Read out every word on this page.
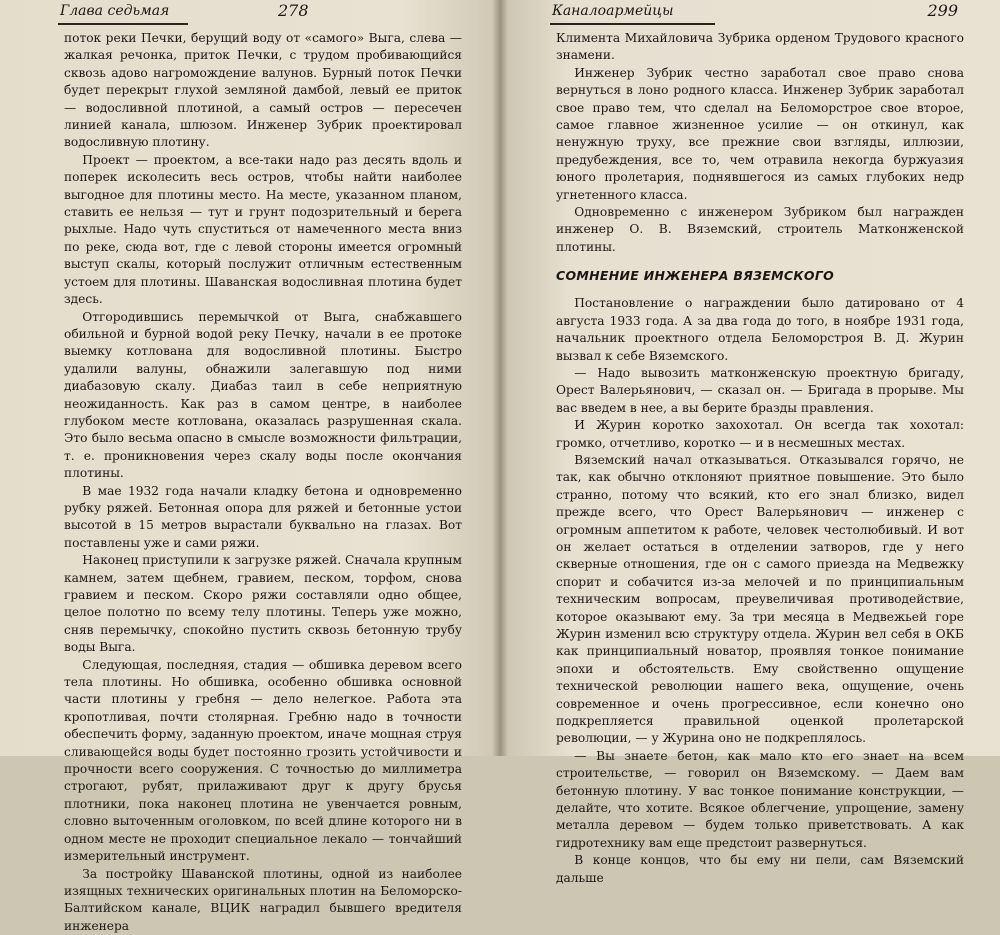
Глава седьмая	278

поток реки Печки, берущий воду от «самого» Выга, слева — жалкая речонка, приток Печки, с трудом пробивающийся сквозь адово нагромождение валунов. Бурный поток Печки будет перекрыт глухой земляной дамбой, левый ее приток — водосливной плотиной, а самый остров — пересечен линией канала, шлюзом. Инженер Зубрик проектировал водосливную плотину.

Проект — проектом, а все-таки надо раз десять вдоль и поперек исколесить весь остров, чтобы найти наиболее выгодное для плотины место. На месте, указанном планом, ставить ее нельзя — тут и грунт подозрительный и берега рыхлые. Надо чуть спуститься от намеченного места вниз по реке, сюда вот, где с левой стороны имеется огромный выступ скалы, который послужит отличным естественным устоем для плотины. Шаванская водосливная плотина будет здесь.

Отгородившись перемычкой от Выга, снабжавшего обильной и бурной водой реку Печку, начали в ее протоке выемку котлована для водосливной плотины. Быстро удалили валуны, обнажили залегавшую под ними диабазовую скалу. Диабаз таил в себе неприятную неожиданность. Как раз в самом центре, в наиболее глубоком месте котлована, оказалась разрушенная скала. Это было весьма опасно в смысле возможности фильтрации, т. е. проникновения через скалу воды после окончания плотины.

В мае 1932 года начали кладку бетона и одновременно рубку ряжей. Бетонная опора для ряжей и бетонные устои высотой в 15 метров вырастали буквально на глазах. Вот поставлены уже и сами ряжи.

Наконец приступили к загрузке ряжей. Сначала крупным камнем, затем щебнем, гравием, песком, торфом, снова гравием и песком. Скоро ряжи составляли одно общее, целое полотно по всему телу плотины. Теперь уже можно, сняв перемычку, спокойно пустить сквозь бетонную трубу воды Выга.

Следующая, последняя, стадия — обшивка деревом всего тела плотины. Но обшивка, особенно обшивка основной части плотины у гребня — дело нелегкое. Работа эта кропотливая, почти столярная. Гребню надо в точности обеспечить форму, заданную проектом, иначе мощная струя сливающейся воды будет постоянно грозить устойчивости и прочности всего сооружения. С точностью до миллиметра строгают, рубят, прилаживают друг к другу брусья плотники, пока наконец плотина не увенчается ровным, словно выточенным оголовком, по всей длине которого ни в одном месте не проходит специальное лекало — тончайший измерительный инструмент.

За постройку Шаванской плотины, одной из наиболее изящных технических оригинальных плотин на Беломорско-Балтийском канале, ВЦИК наградил бывшего вредителя инженера

Каналоармейцы	299

Климента Михайловича Зубрика орденом Трудового красного знамени.

Инженер Зубрик честно заработал свое право снова вернуться в лоно родного класса. Инженер Зубрик заработал свое право тем, что сделал на Беломорстрое свое второе, самое главное жизненное усилие — он откинул, как ненужную труху, все прежние свои взгляды, иллюзии, предубеждения, все то, чем отравила некогда буржуазия юного пролетария, поднявшегося из самых глубоких недр угнетенного класса.

Одновременно с инженером Зубриком был награжден инженер О. В. Вяземский, строитель Матконженской плотины.

СОМНЕНИЕ ИНЖЕНЕРА ВЯЗЕМСКОГО

Постановление о награждении было датировано от 4 августа 1933 года. А за два года до того, в ноябре 1931 года, начальник проектного отдела Беломорстроя В. Д. Журин вызвал к себе Вяземского.

— Надо вывозить матконженскую проектную бригаду, Орест Валерьянович, — сказал он. — Бригада в прорыве. Мы вас введем в нее, а вы берите бразды правления.

И Журин коротко захохотал. Он всегда так хохотал: громко, отчетливо, коротко — и в несмешных местах.

Вяземский начал отказываться. Отказывался горячо, не так, как обычно отклоняют приятное повышение. Это было странно, потому что всякий, кто его знал близко, видел прежде всего, что Орест Валерьянович — инженер с огромным аппетитом к работе, человек честолюбивый. И вот он желает остаться в отделении затворов, где у него скверные отношения, где он с самого приезда на Медвежку спорит и собачится из-за мелочей и по принципиальным техническим вопросам, преувеличивая противодействие, которое оказывают ему. За три месяца в Медвежьей горе Журин изменил всю структуру отдела. Журин вел себя в ОКБ как принципиальный новатор, проявляя тонкое понимание эпохи и обстоятельств. Ему свойственно ощущение технической революции нашего века, ощущение, очень современное и очень прогрессивное, если конечно оно подкрепляется правильной оценкой пролетарской революции, — у Журина оно не подкреплялось.

— Вы знаете бетон, как мало кто его знает на всем строительстве, — говорил он Вяземскому. — Даем вам бетонную плотину. У вас тонкое понимание конструкции, — делайте, что хотите. Всякое облегчение, упрощение, замену металла деревом — будем только приветствовать. А как гидротехнику вам еще предстоит развернуться.

В конце концов, что бы ему ни пели, сам Вяземский дальше
